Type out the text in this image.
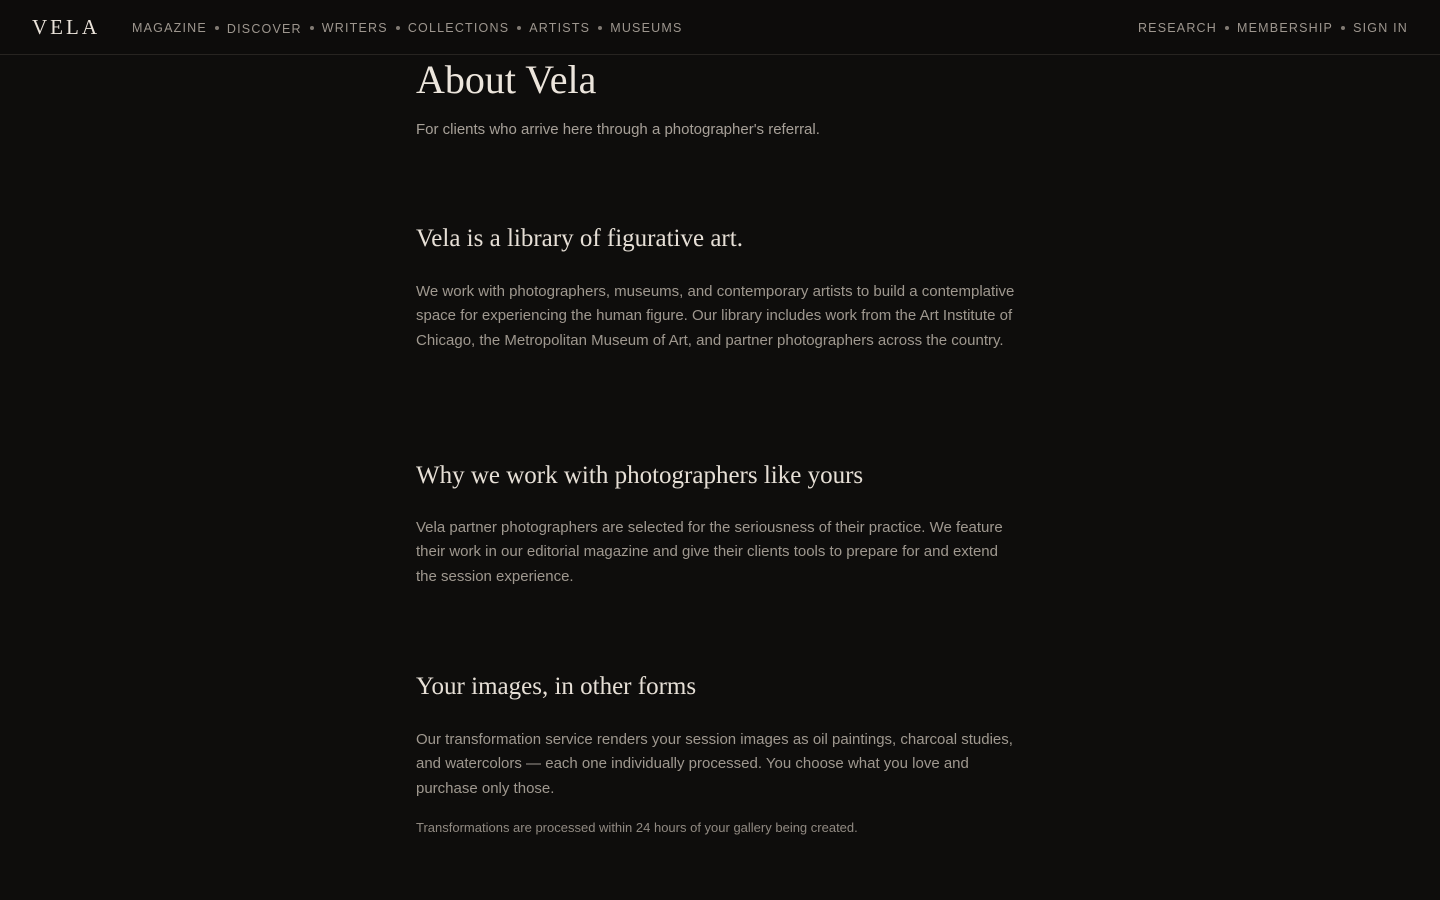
VELA	MAGAZINE DISCOVER WRITERS COLLECTIONS ARTISTS MUSEUMS	RESEARCH MEMBERSHIP SIGN IN
About Vela

For clients who arrive here through a photographer's referral.

Vela is a library of figurative art.

We work with photographers, museums, and contemporary artists to build a contemplative space for experiencing the human figure. Our library includes work from the Art Institute of Chicago, the Metropolitan Museum of Art, and partner photographers across the country.

Why we work with photographers like yours

Vela partner photographers are selected for the seriousness of their practice. We feature their work in our editorial magazine and give their clients tools to prepare for and extend the session experience.

Your images, in other forms

Our transformation service renders your session images as oil paintings, charcoal studies, and watercolors — each one individually processed. You choose what you love and purchase only those.

Transformations are processed within 24 hours of your gallery being created.
